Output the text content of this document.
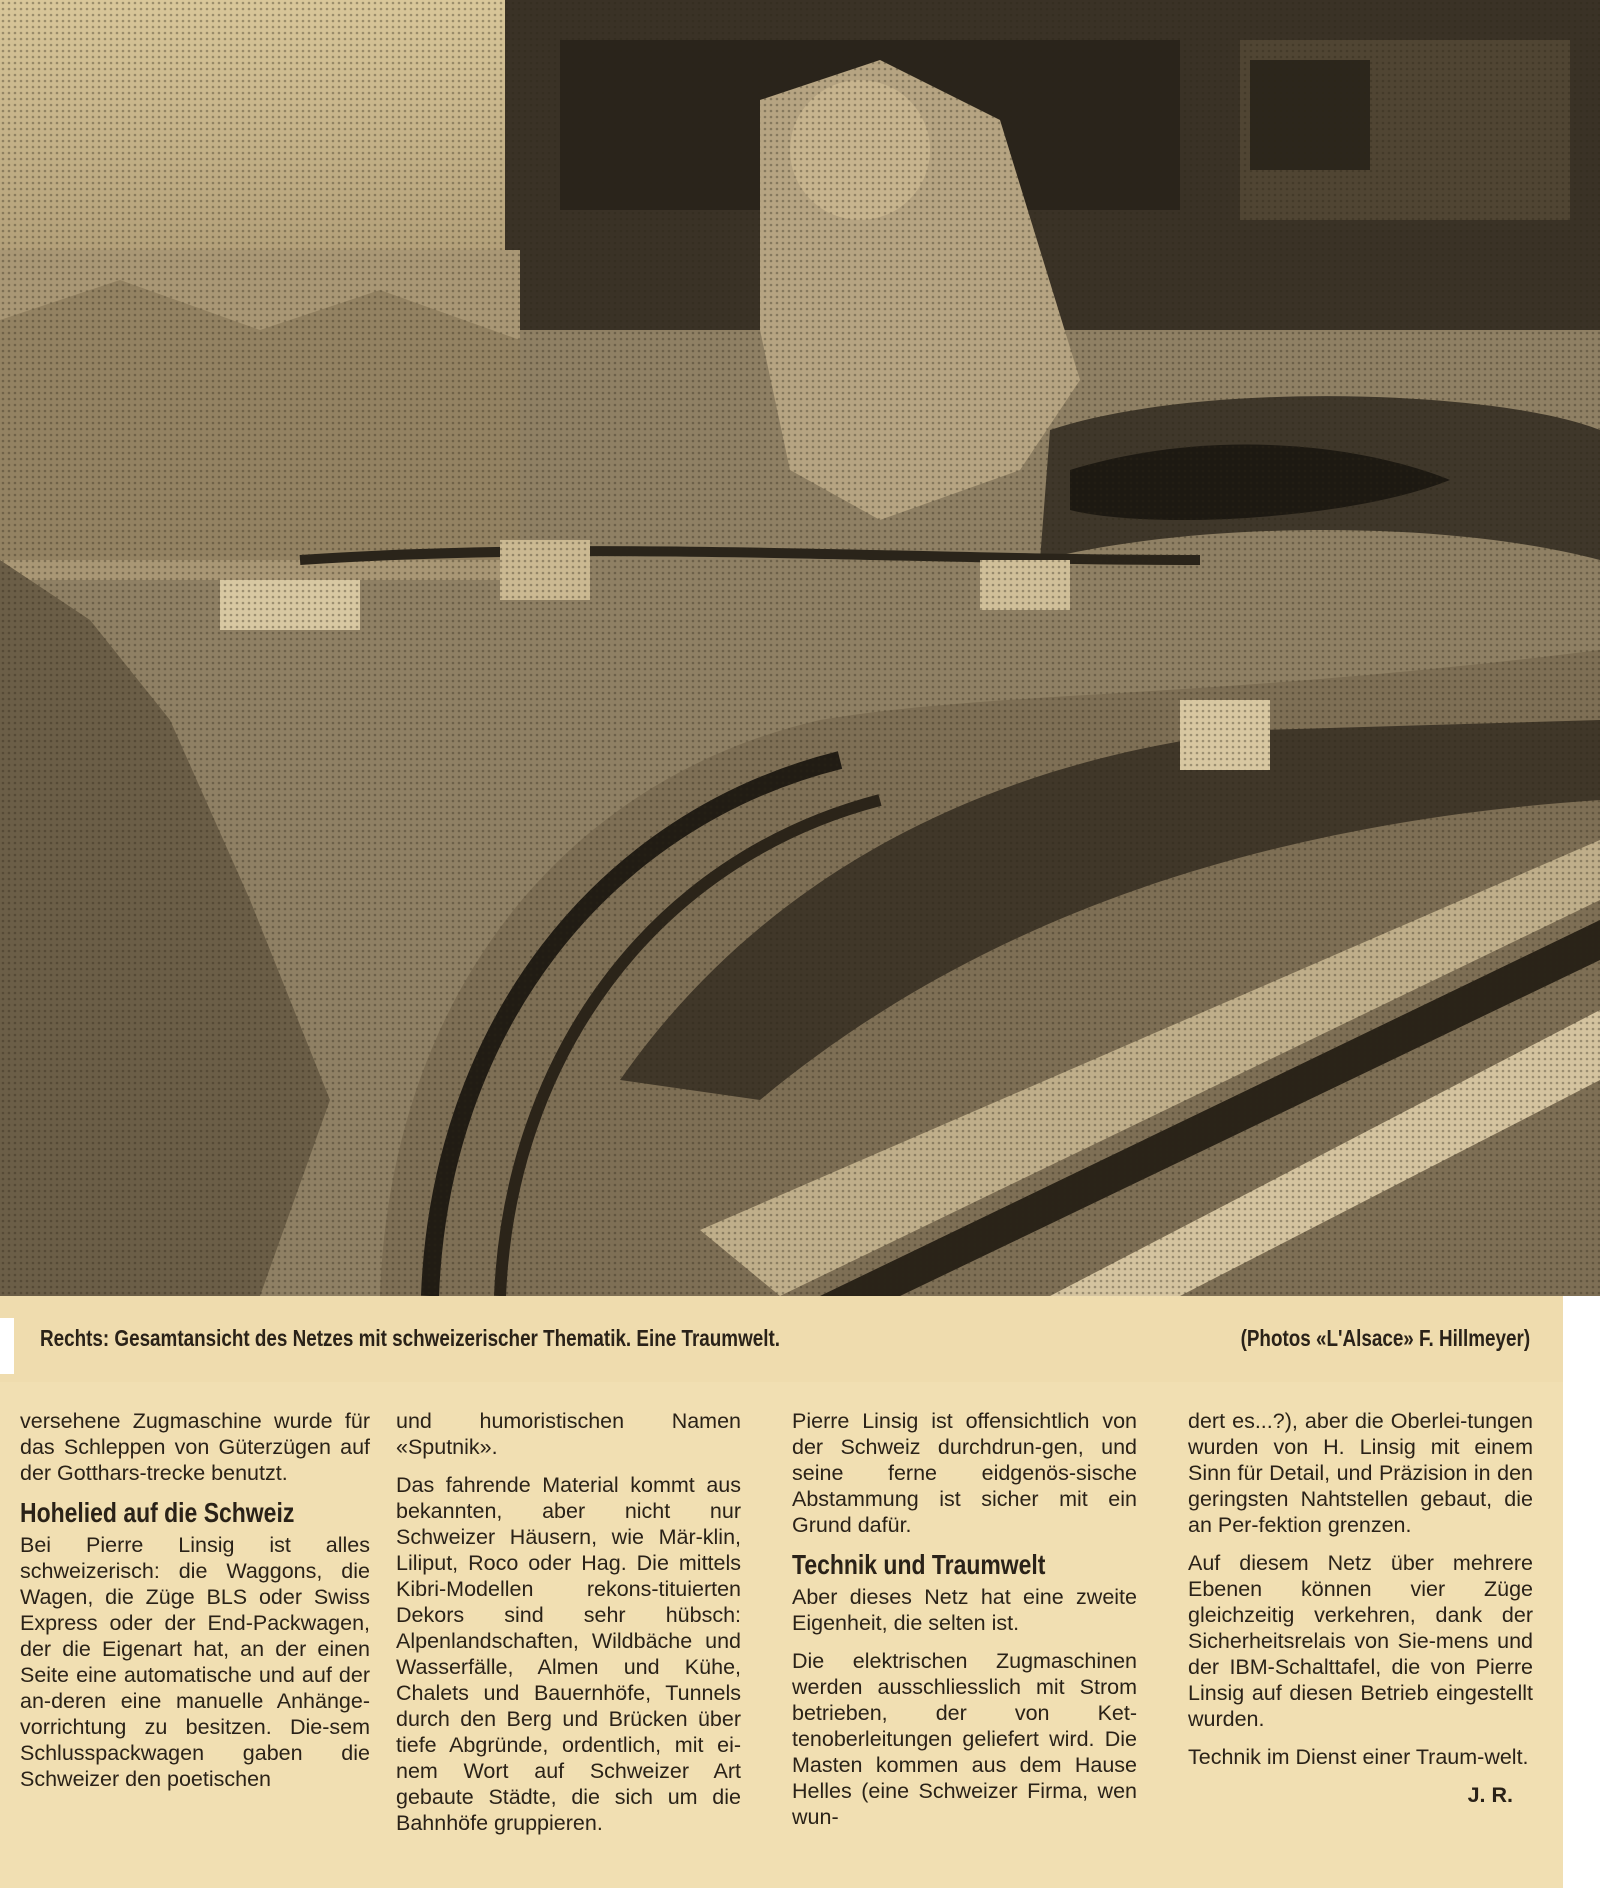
Rechts: Gesamtansicht des Netzes mit schweizerischer Thematik. Eine Traumwelt.	(Photos «L'Alsace» F. Hillmeyer)

versehene Zugmaschine wurde für das Schleppen von Güterzügen auf der Gotthars-trecke benutzt.

Hohelied auf die Schweiz

Bei Pierre Linsig ist alles schweizerisch: die Waggons, die Wagen, die Züge BLS oder Swiss Express oder der End-Packwagen, der die Eigenart hat, an der einen Seite eine automatische und auf der an-deren eine manuelle Anhänge-vorrichtung zu besitzen. Die-sem Schlusspackwagen gaben die Schweizer den poetischen

und humoristischen Namen «Sputnik».

Das fahrende Material kommt aus bekannten, aber nicht nur Schweizer Häusern, wie Mär-klin, Liliput, Roco oder Hag. Die mittels Kibri-Modellen rekons-tituierten Dekors sind sehr hübsch: Alpenlandschaften, Wildbäche und Wasserfälle, Almen und Kühe, Chalets und Bauernhöfe, Tunnels durch den Berg und Brücken über tiefe Abgründe, ordentlich, mit ei-nem Wort auf Schweizer Art gebaute Städte, die sich um die Bahnhöfe gruppieren.

Pierre Linsig ist offensichtlich von der Schweiz durchdrun-gen, und seine ferne eidgenös-sische Abstammung ist sicher mit ein Grund dafür.

Technik und Traumwelt

Aber dieses Netz hat eine zweite Eigenheit, die selten ist.

Die elektrischen Zugmaschinen werden ausschliesslich mit Strom betrieben, der von Ket-tenoberleitungen geliefert wird. Die Masten kommen aus dem Hause Helles (eine Schweizer Firma, wen wun-

dert es...?), aber die Oberlei-tungen wurden von H. Linsig mit einem Sinn für Detail, und Präzision in den geringsten Nahtstellen gebaut, die an Per-fektion grenzen.

Auf diesem Netz über mehrere Ebenen können vier Züge gleichzeitig verkehren, dank der Sicherheitsrelais von Sie-mens und der IBM-Schalttafel, die von Pierre Linsig auf diesen Betrieb eingestellt wurden.

Technik im Dienst einer Traum-welt.

J. R.
